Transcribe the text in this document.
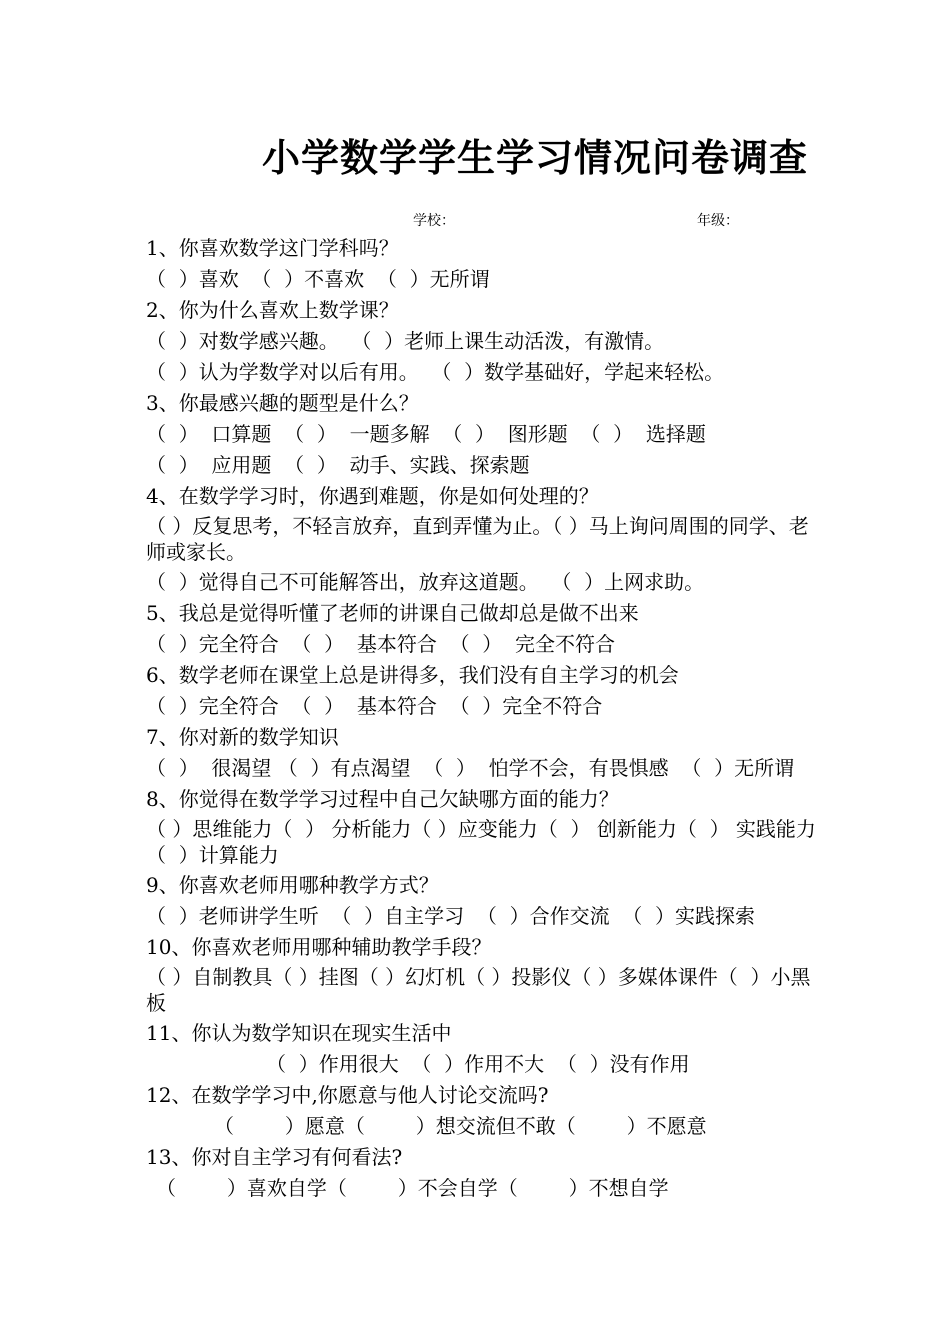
小学数学学生学习情况问卷调查
学校：	年级：
1、你喜欢数学这门学科吗？
（  ）喜欢  （  ）不喜欢  （  ）无所谓
2、你为什么喜欢上数学课？
（  ）对数学感兴趣。  （  ）老师上课生动活泼，有激情。
（  ）认为学数学对以后有用。  （  ）数学基础好，学起来轻松。
3、你最感兴趣的题型是什么？
（  ）  口算题  （  ）  一题多解  （  ）  图形题  （  ）  选择题
（  ）  应用题  （  ）  动手、实践、探索题
4、在数学学习时，你遇到难题，你是如何处理的？
（ ）反复思考，不轻言放弃，直到弄懂为止。（ ）马上询问周围的同学、老师或家长。
（  ）觉得自己不可能解答出，放弃这道题。  （  ）上网求助。
5、我总是觉得听懂了老师的讲课自己做却总是做不出来
（  ）完全符合  （  ）  基本符合  （  ）  完全不符合
6、数学老师在课堂上总是讲得多，我们没有自主学习的机会
（  ）完全符合  （  ）  基本符合  （  ）完全不符合
7、你对新的数学知识
（  ）  很渴望 （  ）有点渴望  （  ）  怕学不会，有畏惧感  （  ）无所谓
8、你觉得在数学学习过程中自己欠缺哪方面的能力？
（ ）思维能力（  ） 分析能力（ ）应变能力（  ） 创新能力（  ） 实践能力  （  ）计算能力
9、你喜欢老师用哪种教学方式？
（  ）老师讲学生听  （  ）自主学习  （  ）合作交流  （  ）实践探索
10、你喜欢老师用哪种辅助教学手段？
（ ）自制教具（ ）挂图（ ）幻灯机（ ）投影仪（ ）多媒体课件（  ）小黑板
11、你认为数学知识在现实生活中
（  ）作用很大  （  ）作用不大  （  ）没有作用
12、在数学学习中,你愿意与他人讨论交流吗?
（        ）愿意（        ）想交流但不敢（        ）不愿意
13、你对自主学习有何看法?
（        ）喜欢自学（        ）不会自学（        ）不想自学
